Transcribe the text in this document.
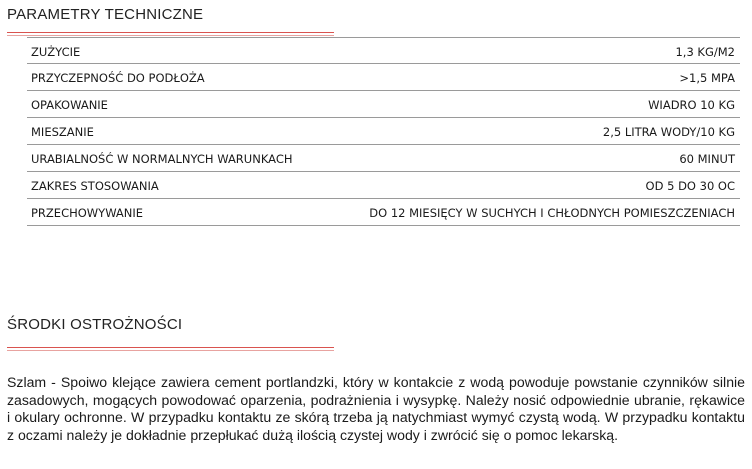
PARAMETRY TECHNICZNE
ZUŻYCIE	1,3 KG/M2
PRZYCZEPNOŚĆ DO PODŁOŻA	>1,5 MPA
OPAKOWANIE	WIADRO 10 KG
MIESZANIE	2,5 LITRA WODY/10 KG
URABIALNOŚĆ W NORMALNYCH WARUNKACH	60 MINUT
ZAKRES STOSOWANIA	OD 5 DO 30 OC
PRZECHOWYWANIE	DO 12 MIESIĘCY W SUCHYCH I CHŁODNYCH POMIESZCZENIACH
ŚRODKI OSTROŻNOŚCI
Szlam - Spoiwo klejące zawiera cement portlandzki, który w kontakcie z wodą powoduje powstanie czynników silnie zasadowych, mogących powodować oparzenia, podrażnienia i wysypkę. Należy nosić odpowiednie ubranie, rękawice i okulary ochronne. W przypadku kontaktu ze skórą trzeba ją natychmiast wymyć czystą wodą. W przypadku kontaktu z oczami należy je dokładnie przepłukać dużą ilością czystej wody i zwrócić się o pomoc lekarską.
